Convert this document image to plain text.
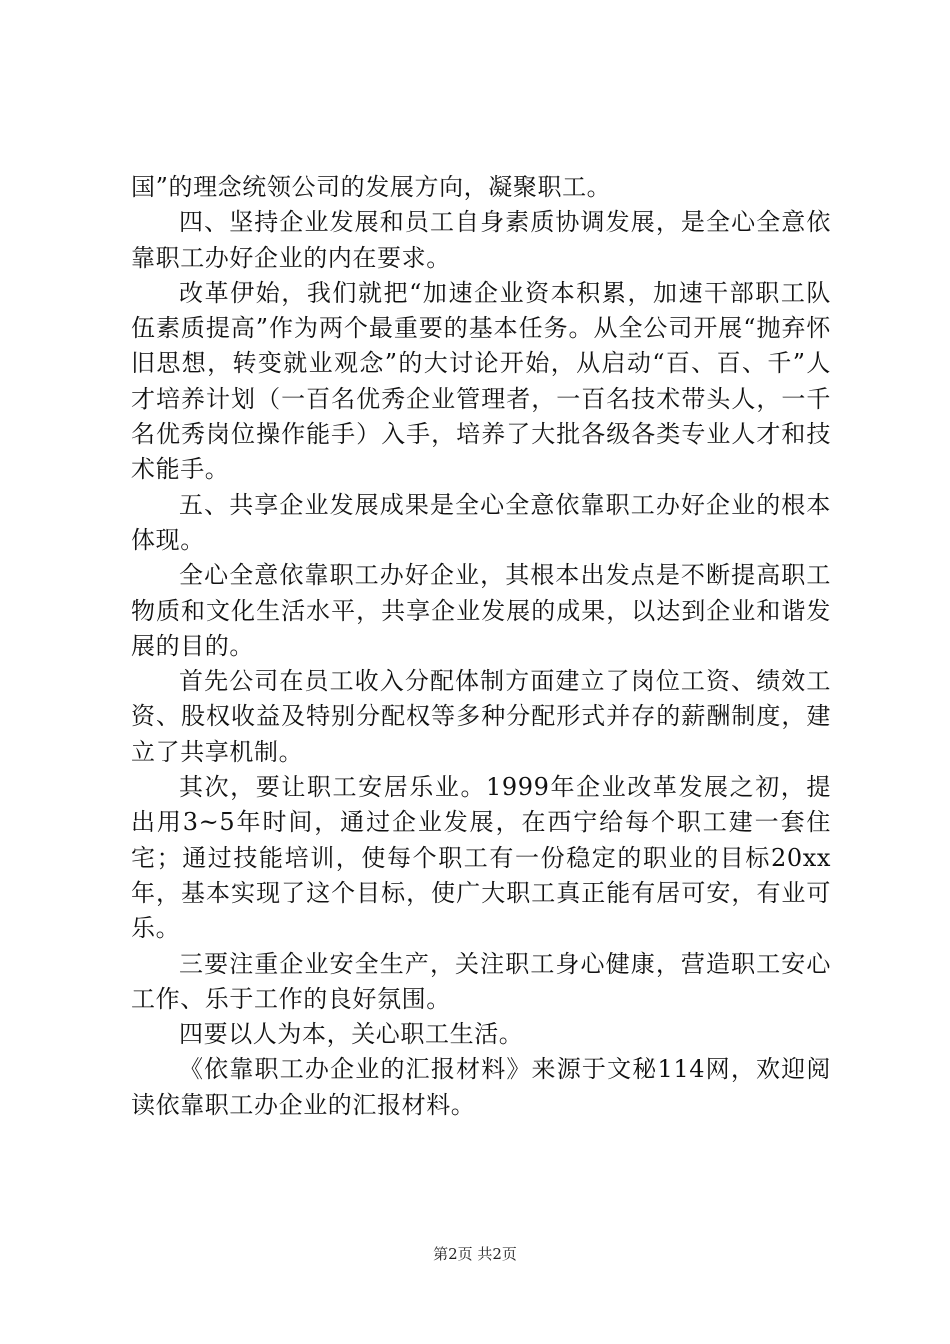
国”的理念统领公司的发展方向，凝聚职工。

四、坚持企业发展和员工自身素质协调发展，是全心全意依靠职工办好企业的内在要求。

改革伊始，我们就把“加速企业资本积累，加速干部职工队伍素质提高”作为两个最重要的基本任务。从全公司开展“抛弃怀旧思想，转变就业观念”的大讨论开始，从启动“百、百、千”人才培养计划（一百名优秀企业管理者，一百名技术带头人，一千名优秀岗位操作能手）入手，培养了大批各级各类专业人才和技术能手。

五、共享企业发展成果是全心全意依靠职工办好企业的根本体现。

全心全意依靠职工办好企业，其根本出发点是不断提高职工物质和文化生活水平，共享企业发展的成果，以达到企业和谐发展的目的。

首先公司在员工收入分配体制方面建立了岗位工资、绩效工资、股权收益及特别分配权等多种分配形式并存的薪酬制度，建立了共享机制。

其次，要让职工安居乐业。1999年企业改革发展之初，提出用3~5年时间，通过企业发展，在西宁给每个职工建一套住宅；通过技能培训，使每个职工有一份稳定的职业的目标20xx年，基本实现了这个目标，使广大职工真正能有居可安，有业可乐。

三要注重企业安全生产，关注职工身心健康，营造职工安心工作、乐于工作的良好氛围。

四要以人为本，关心职工生活。

《依靠职工办企业的汇报材料》来源于文秘114网，欢迎阅读依靠职工办企业的汇报材料。

第2页 共2页
